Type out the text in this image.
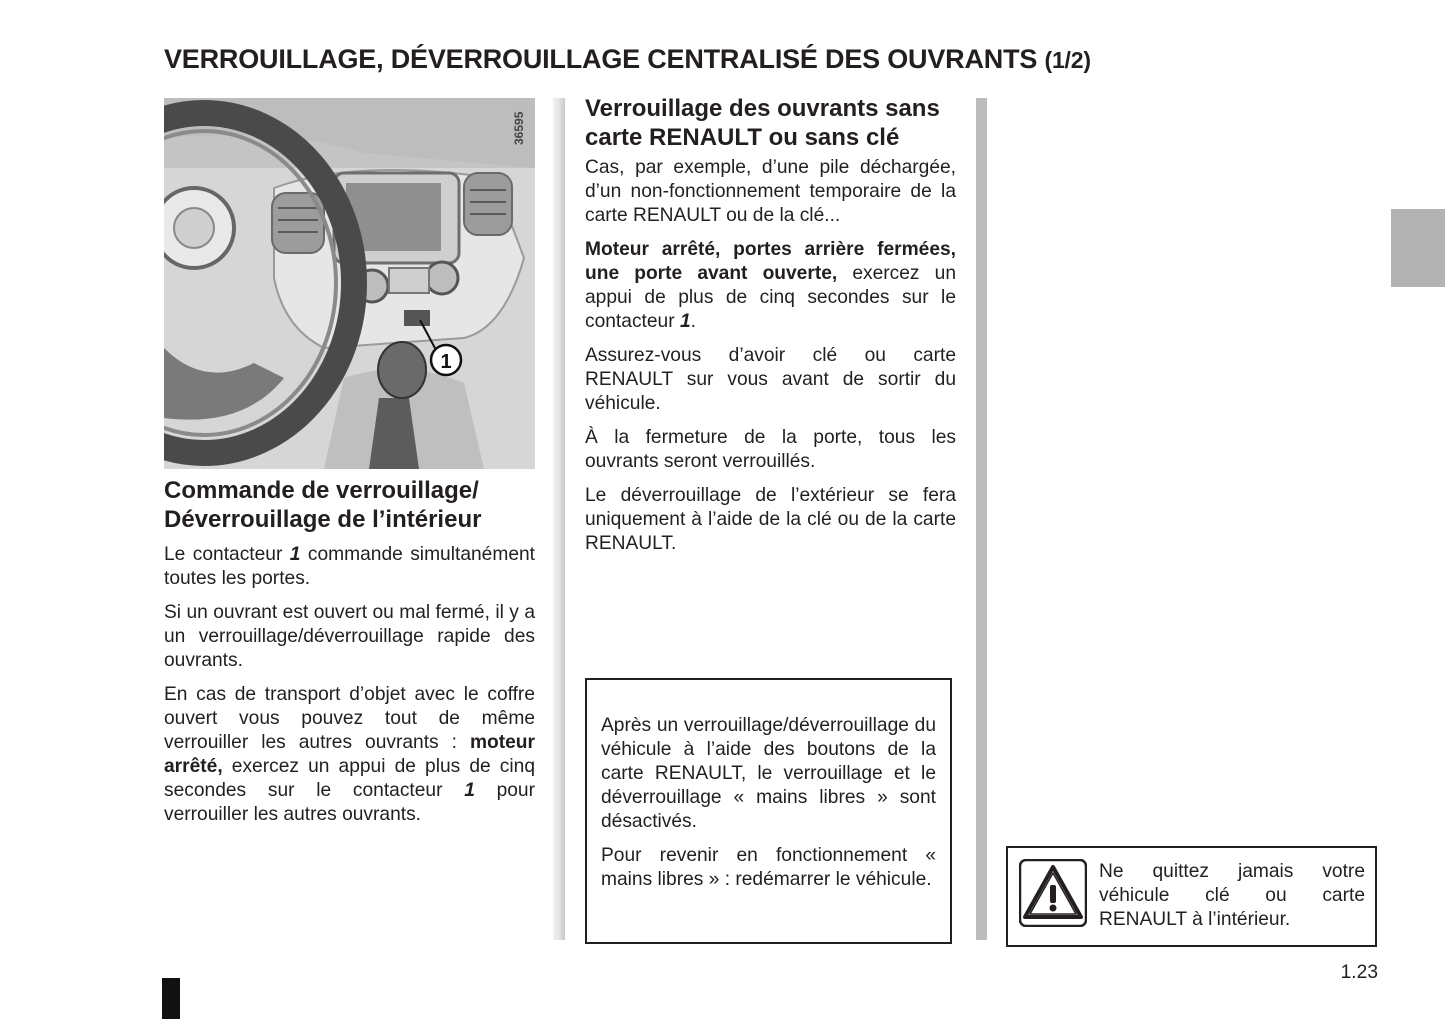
VERROUILLAGE, DÉVERROUILLAGE CENTRALISÉ DES OUVRANTS (1/2)
1
36595
Commande de verrouillage/
Déverrouillage de l’intérieur

Le contacteur 1 commande simultanément toutes les portes.

Si un ouvrant est ouvert ou mal fermé, il y a un verrouillage/déverrouillage rapide des ouvrants.

En cas de transport d’objet avec le coffre ouvert vous pouvez tout de même verrouiller les autres ouvrants : moteur arrêté, exercez un appui de plus de cinq secondes sur le contacteur 1 pour verrouiller les autres ouvrants.

Verrouillage des ouvrants sans carte RENAULT ou sans clé

Cas, par exemple, d’une pile déchargée, d’un non-fonctionnement temporaire de la carte RENAULT ou de la clé...

Moteur arrêté, portes arrière fermées, une porte avant ouverte, exercez un appui de plus de cinq secondes sur le contacteur 1.

Assurez-vous d’avoir clé ou carte RENAULT sur vous avant de sortir du véhicule.

À la fermeture de la porte, tous les ouvrants seront verrouillés.

Le déverrouillage de l’extérieur se fera uniquement à l’aide de la clé ou de la carte RENAULT.

Après un verrouillage/déverrouillage du véhicule à l’aide des boutons de la carte RENAULT, le verrouillage et le déverrouillage « mains libres » sont désactivés.

Pour revenir en fonctionnement « mains libres » : redémarrer le véhicule.	Ne quittez jamais votre véhicule clé ou carte RENAULT à l’intérieur.
1.23
